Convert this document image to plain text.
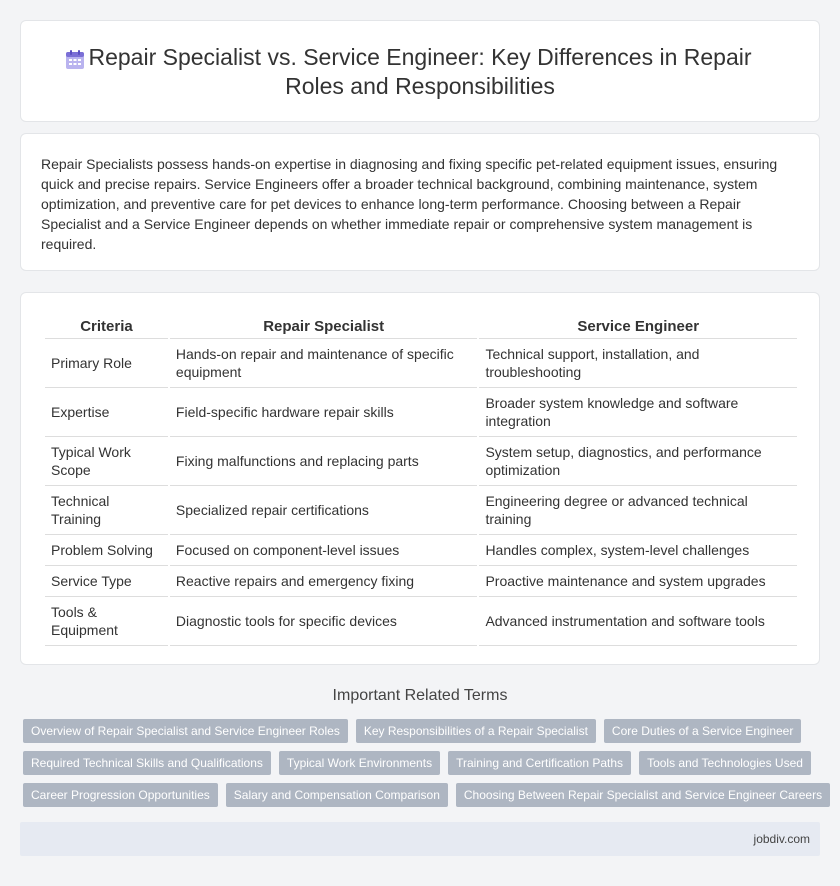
Repair Specialist vs. Service Engineer: Key Differences in Repair Roles and Responsibilities

Repair Specialists possess hands-on expertise in diagnosing and fixing specific pet-related equipment issues, ensuring quick and precise repairs. Service Engineers offer a broader technical background, combining maintenance, system optimization, and preventive care for pet devices to enhance long-term performance. Choosing between a Repair Specialist and a Service Engineer depends on whether immediate repair or comprehensive system management is required.

Criteria	Repair Specialist	Service Engineer
Primary Role	Hands-on repair and maintenance of specific equipment	Technical support, installation, and troubleshooting
Expertise	Field-specific hardware repair skills	Broader system knowledge and software integration
Typical Work Scope	Fixing malfunctions and replacing parts	System setup, diagnostics, and performance optimization
Technical Training	Specialized repair certifications	Engineering degree or advanced technical training
Problem Solving	Focused on component-level issues	Handles complex, system-level challenges
Service Type	Reactive repairs and emergency fixing	Proactive maintenance and system upgrades
Tools & Equipment	Diagnostic tools for specific devices	Advanced instrumentation and software tools
Important Related Terms
Overview of Repair Specialist and Service Engineer Roles	Key Responsibilities of a Repair Specialist	Core Duties of a Service Engineer
Required Technical Skills and Qualifications	Typical Work Environments	Training and Certification Paths	Tools and Technologies Used
Career Progression Opportunities	Salary and Compensation Comparison	Choosing Between Repair Specialist and Service Engineer Careers
jobdiv.com
